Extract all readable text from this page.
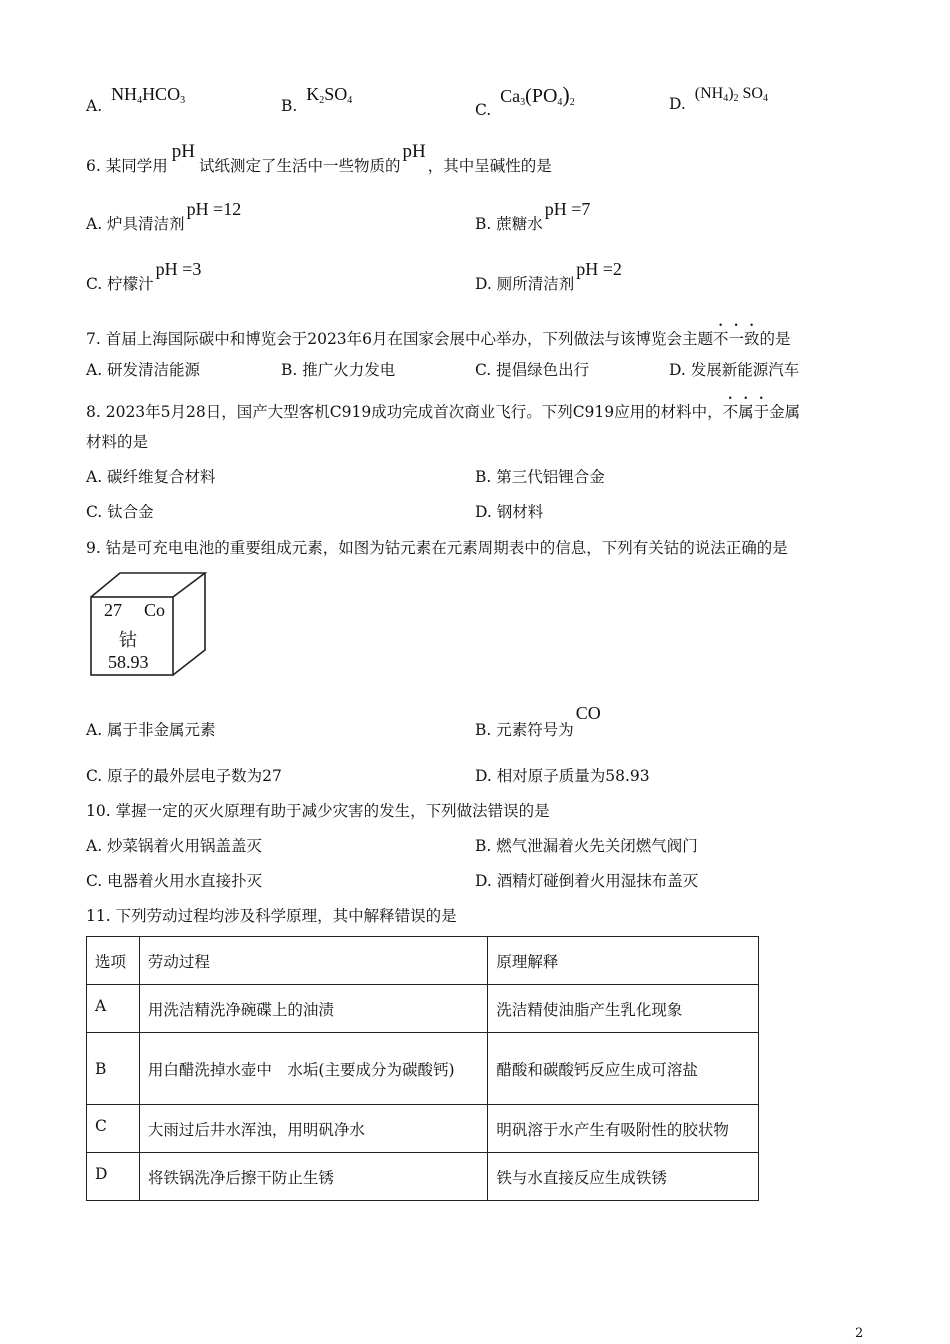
A. $NH_4HCO_3$	B. $K_2SO_4$
C. $Ca_3(PO_4)_2$	D. $(NH_4)_2$ $SO_4$
6. 某同学用pH试纸测定了生活中一些物质的pH，其中呈碱性的是
A. 炉具清洁剂pH =12
B. 蔗糖水pH =7
C. 柠檬汁pH =3
D. 厕所清洁剂pH =2
7. 首届上海国际碳中和博览会于2023年6月在国家会展中心举办，下列做法与该博览会主题不一致的是
A. 研发清洁能源	B. 推广火力发电	C. 提倡绿色出行	D. 发展新能源汽车
8. 2023年5月28日，国产大型客机C919成功完成首次商业飞行。下列C919应用的材料中，不属于金属
材料的是
A. 碳纤维复合材料	B. 第三代铝锂合金
C. 钛合金	D. 钢材料
9. 钴是可充电电池的重要组成元素，如图为钴元素在元素周期表中的信息，下列有关钴的说法正确的是
27 Co
钴
58.93
A. 属于非金属元素	B. 元素符号为CO
C. 原子的最外层电子数为27	D. 相对原子质量为58.93
10. 掌握一定的灭火原理有助于减少灾害的发生，下列做法错误的是
A. 炒菜锅着火用锅盖盖灭	B. 燃气泄漏着火先关闭燃气阀门
C. 电器着火用水直接扑灭	D. 酒精灯碰倒着火用湿抹布盖灭
11. 下列劳动过程均涉及科学原理，其中解释错误的是
选项	劳动过程	原理解释
A	用洗洁精洗净碗碟上的油渍	洗洁精使油脂产生乳化现象
B	用白醋洗掉水壶中　水垢(主要成分为碳酸钙)	醋酸和碳酸钙反应生成可溶盐
C	大雨过后井水浑浊，用明矾净水	明矾溶于水产生有吸附性的胶状物
D	将铁锅洗净后擦干防止生锈	铁与水直接反应生成铁锈
2
